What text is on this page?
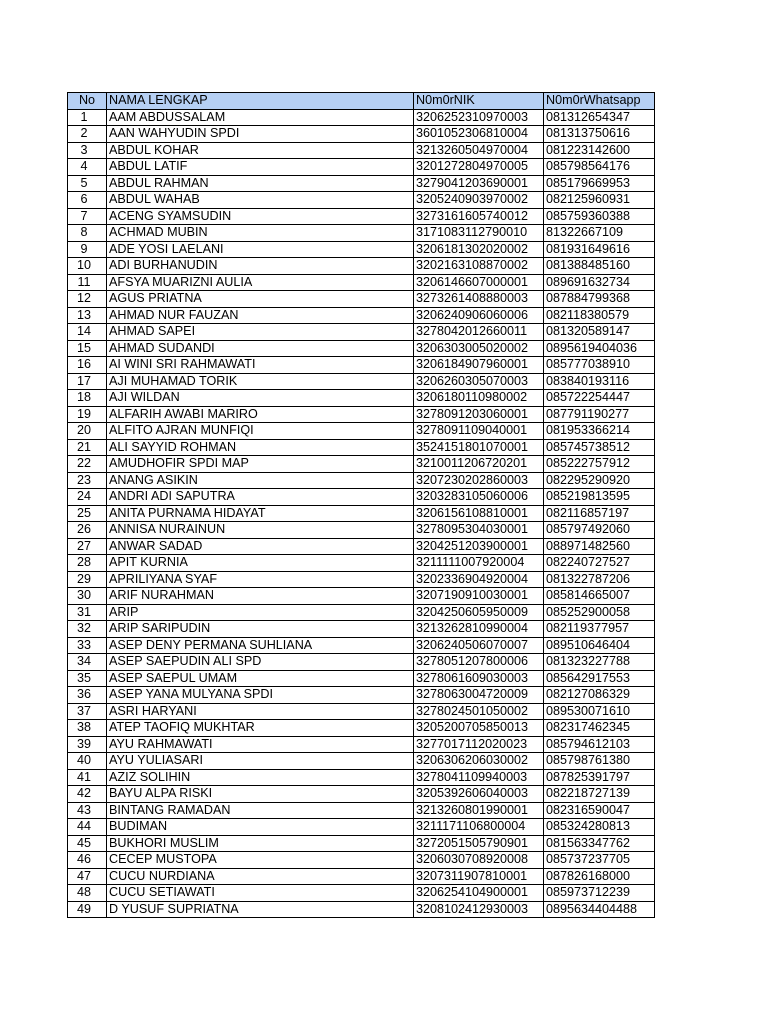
No	NAMA LENGKAP	N0m0rNIK	N0m0rWhatsapp
1	AAM ABDUSSALAM	3206252310970003	081312654347
2	AAN WAHYUDIN SPDI	3601052306810004	081313750616
3	ABDUL KOHAR	3213260504970004	081223142600
4	ABDUL LATIF	3201272804970005	085798564176
5	ABDUL RAHMAN	3279041203690001	085179669953
6	ABDUL WAHAB	3205240903970002	082125960931
7	ACENG SYAMSUDIN	3273161605740012	085759360388
8	ACHMAD MUBIN	3171083112790010	81322667109
9	ADE YOSI LAELANI	3206181302020002	081931649616
10	ADI BURHANUDIN	3202163108870002	081388485160
11	AFSYA MUARIZNI AULIA	3206146607000001	089691632734
12	AGUS PRIATNA	3273261408880003	087884799368
13	AHMAD NUR FAUZAN	3206240906060006	082118380579
14	AHMAD SAPEI	3278042012660011	081320589147
15	AHMAD SUDANDI	3206303005020002	0895619404036
16	AI WINI SRI RAHMAWATI	3206184907960001	085777038910
17	AJI MUHAMAD TORIK	3206260305070003	083840193116
18	AJI WILDAN	3206180110980002	085722254447
19	ALFARIH AWABI MARIRO	3278091203060001	087791190277
20	ALFITO AJRAN MUNFIQI	3278091109040001	081953366214
21	ALI SAYYID ROHMAN	3524151801070001	085745738512
22	AMUDHOFIR SPDI MAP	3210011206720201	085222757912
23	ANANG ASIKIN	3207230202860003	082295290920
24	ANDRI ADI SAPUTRA	3203283105060006	085219813595
25	ANITA PURNAMA HIDAYAT	3206156108810001	082116857197
26	ANNISA NURAINUN	3278095304030001	085797492060
27	ANWAR SADAD	3204251203900001	088971482560
28	APIT KURNIA	3211111007920004	082240727527
29	APRILIYANA SYAF	3202336904920004	081322787206
30	ARIF NURAHMAN	3207190910030001	085814665007
31	ARIP	3204250605950009	085252900058
32	ARIP SARIPUDIN	3213262810990004	082119377957
33	ASEP DENY PERMANA SUHLIANA	3206240506070007	089510646404
34	ASEP SAEPUDIN ALI SPD	3278051207800006	081323227788
35	ASEP SAEPUL UMAM	3278061609030003	085642917553
36	ASEP YANA MULYANA SPDI	3278063004720009	082127086329
37	ASRI HARYANI	3278024501050002	089530071610
38	ATEP TAOFIQ MUKHTAR	3205200705850013	082317462345
39	AYU RAHMAWATI	3277017112020023	085794612103
40	AYU YULIASARI	3206306206030002	085798761380
41	AZIZ SOLIHIN	3278041109940003	087825391797
42	BAYU ALPA RISKI	3205392606040003	082218727139
43	BINTANG RAMADAN	3213260801990001	082316590047
44	BUDIMAN	3211171106800004	085324280813
45	BUKHORI MUSLIM	3272051505790901	081563347762
46	CECEP MUSTOPA	3206030708920008	085737237705
47	CUCU NURDIANA	3207311907810001	087826168000
48	CUCU SETIAWATI	3206254104900001	085973712239
49	D YUSUF SUPRIATNA	3208102412930003	0895634404488
